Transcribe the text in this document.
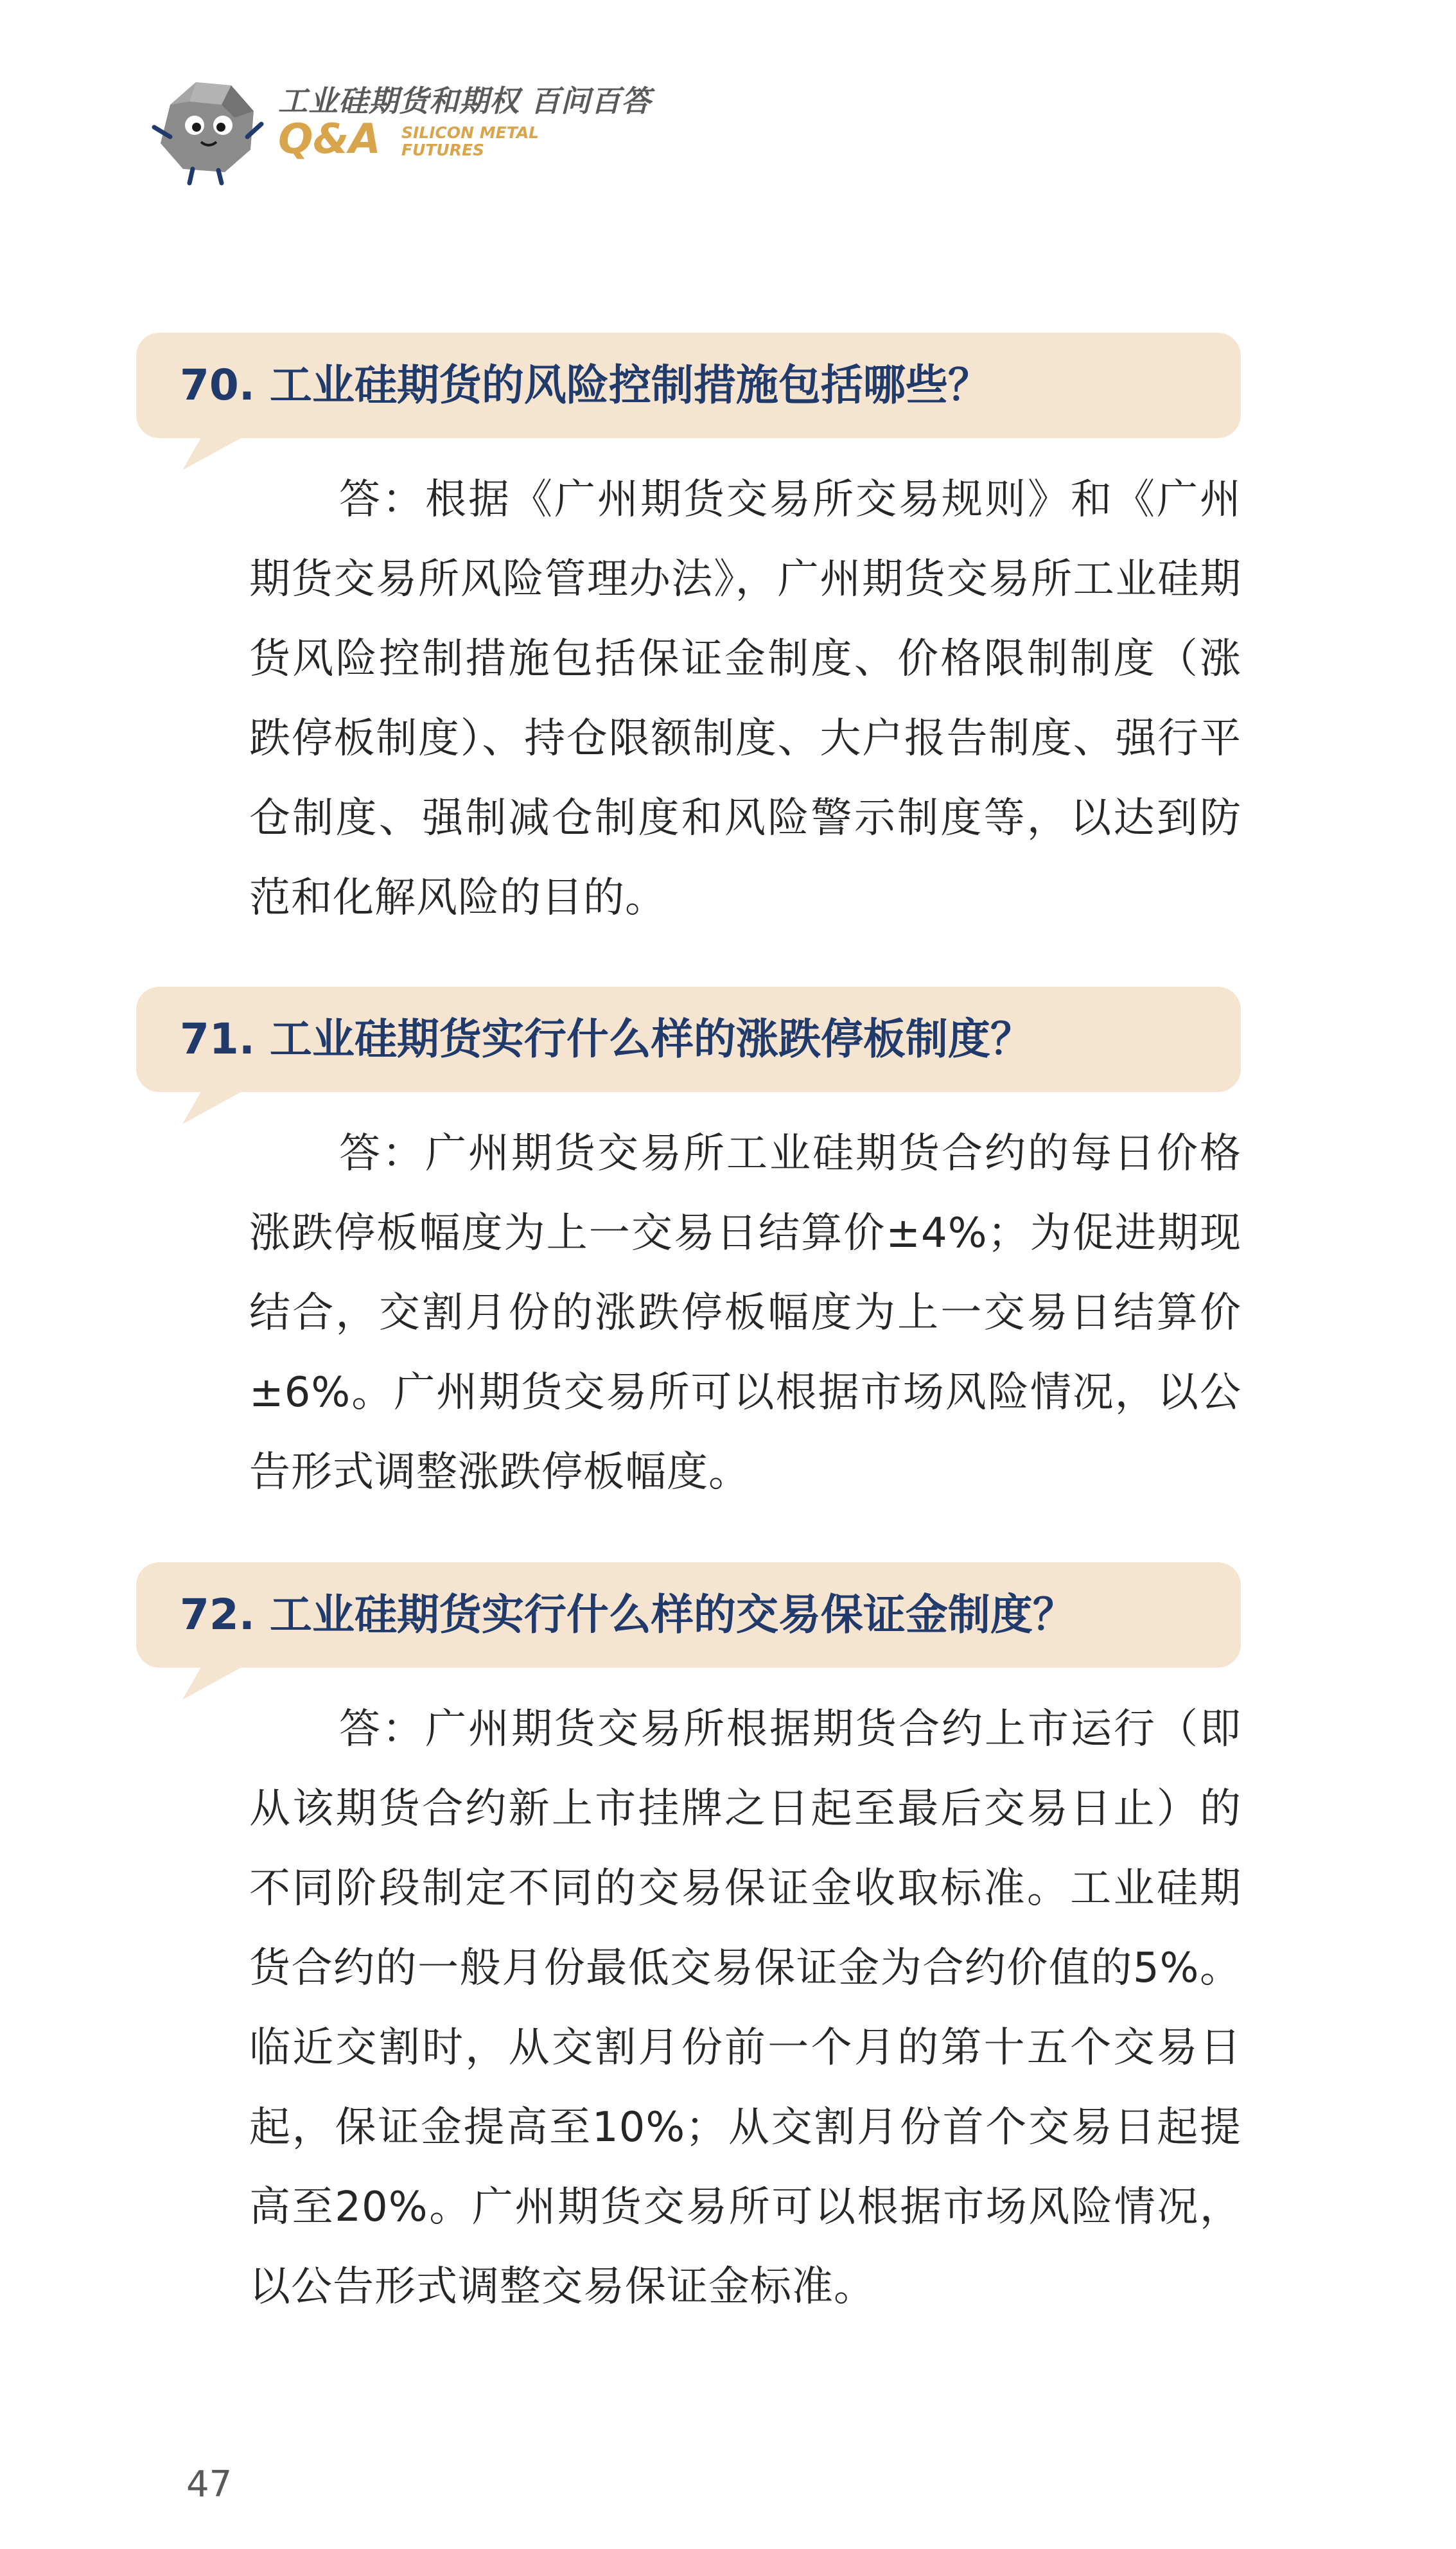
工业硅期货和期权 百问百答

Q&A SILICON METAL
FUTURES

70. 工业硅期货的风险控制措施包括哪些？

答：根据《广州期货交易所交易规则》和《广州期货交易所风险管理办法》，广州期货交易所工业硅期货风险控制措施包括保证金制度、价格限制制度（涨跌停板制度）、持仓限额制度、大户报告制度、强行平仓制度、强制减仓制度和风险警示制度等，以达到防范和化解风险的目的。

71. 工业硅期货实行什么样的涨跌停板制度？

答：广州期货交易所工业硅期货合约的每日价格涨跌停板幅度为上一交易日结算价±4%；为促进期现结合，交割月份的涨跌停板幅度为上一交易日结算价±6%。广州期货交易所可以根据市场风险情况，以公告形式调整涨跌停板幅度。

72. 工业硅期货实行什么样的交易保证金制度？

答：广州期货交易所根据期货合约上市运行（即从该期货合约新上市挂牌之日起至最后交易日止）的不同阶段制定不同的交易保证金收取标准。工业硅期货合约的一般月份最低交易保证金为合约价值的5%。临近交割时，从交割月份前一个月的第十五个交易日起，保证金提高至10%；从交割月份首个交易日起提高至20%。广州期货交易所可以根据市场风险情况，以公告形式调整交易保证金标准。

47
